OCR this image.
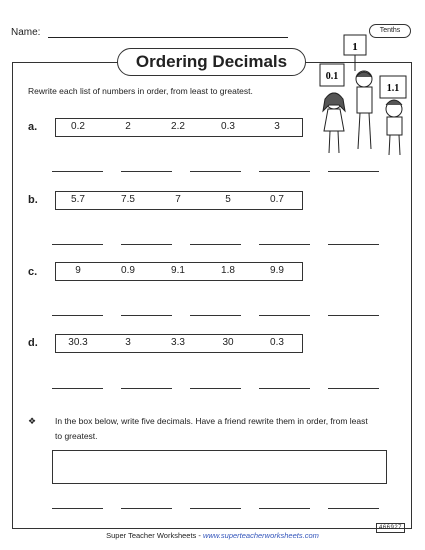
Name:	Tenths
Ordering Decimals
1
0.1
1.1
Rewrite each list of numbers in order, from least to greatest.
a.	0.2	2	2.2	0.3	3
b.	5.7	7.5	7	5	0.7
c.	9	0.9	9.1	1.8	9.9
d.	30.3	3	3.3	30	0.3
❖ In the box below, write five decimals. Have a friend rewrite them in order, from least to greatest.
466927
Super Teacher Worksheets - www.superteacherworksheets.com
